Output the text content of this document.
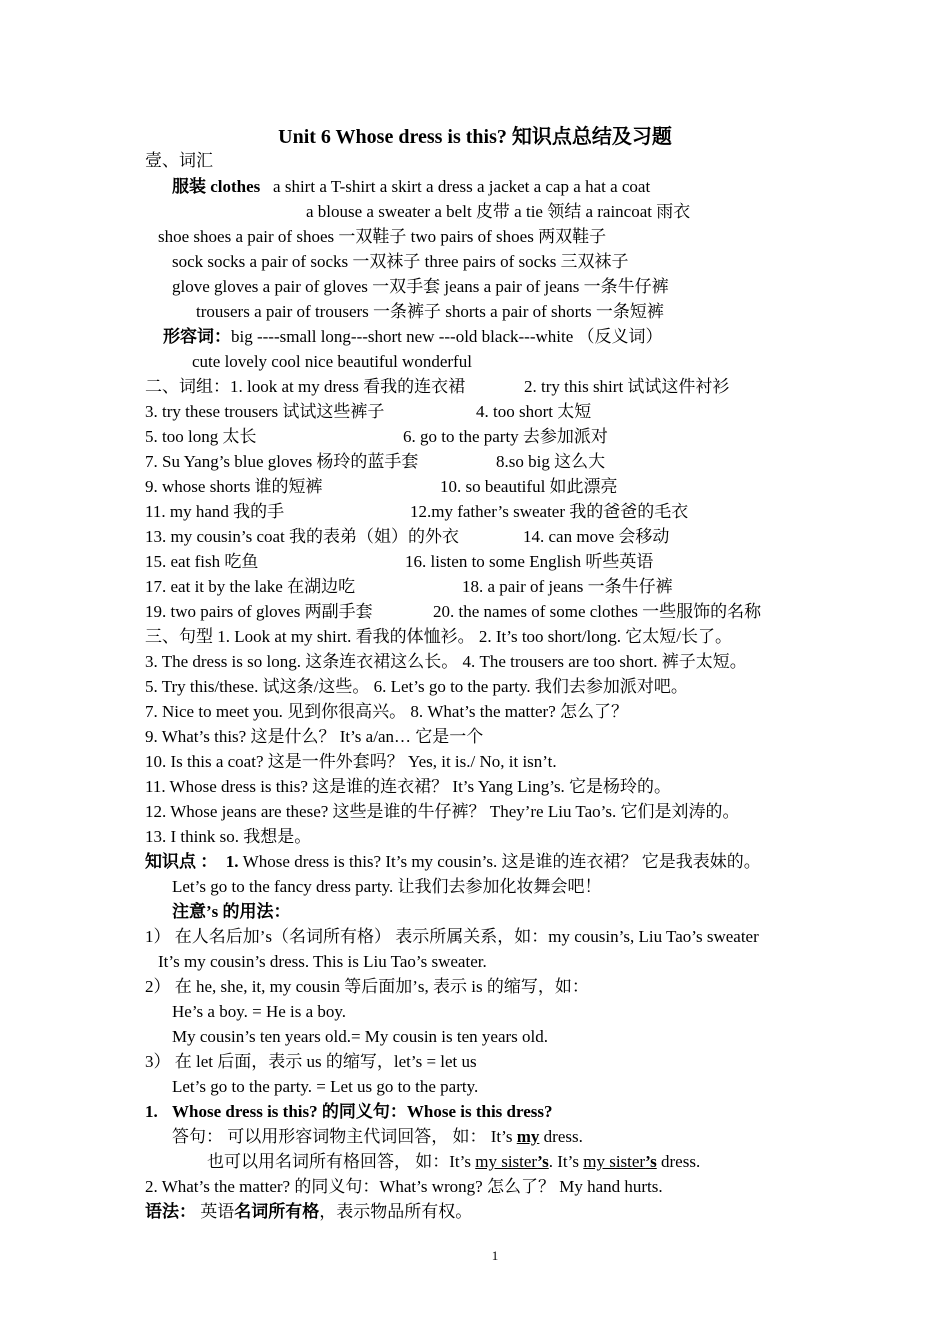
Unit 6 Whose dress is this? 知识点总结及习题
壹、词汇
服装 clothes a shirt a T-shirt a skirt a dress a jacket a cap a hat a coat
a blouse a sweater a belt 皮带 a tie 领结 a raincoat 雨衣
shoe shoes a pair of shoes 一双鞋子 two pairs of shoes 两双鞋子
sock socks a pair of socks 一双袜子 three pairs of socks 三双袜子
glove gloves a pair of gloves 一双手套 jeans a pair of jeans 一条牛仔裤
trousers a pair of trousers 一条裤子 shorts a pair of shorts 一条短裤
形容词：big ----small long---short new ---old black---white （反义词）
cute lovely cool nice beautiful wonderful
二、词组：1. look at my dress 看我的连衣裙	2. try this shirt 试试这件衬衫
3. try these trousers 试试这些裤子	4. too short 太短
5. too long 太长	6. go to the party 去参加派对
7. Su Yang’s blue gloves 杨玲的蓝手套	8.so big 这么大
9. whose shorts 谁的短裤	10. so beautiful 如此漂亮
11. my hand 我的手	12.my father’s sweater 我的爸爸的毛衣
13. my cousin’s coat 我的表弟（姐）的外衣	14. can move 会移动
15. eat fish 吃鱼	16. listen to some English 听些英语
17. eat it by the lake 在湖边吃	18. a pair of jeans 一条牛仔裤
19. two pairs of gloves 两副手套	20. the names of some clothes 一些服饰的名称
三、句型 1. Look at my shirt. 看我的体恤衫。 2. It’s too short/long. 它太短/长了。
3. The dress is so long. 这条连衣裙这么长。 4. The trousers are too short. 裤子太短。
5. Try this/these. 试这条/这些。 6. Let’s go to the party. 我们去参加派对吧。
7. Nice to meet you. 见到你很高兴。 8. What’s the matter? 怎么了？
9. What’s this? 这是什么？ It’s a/an… 它是一个
10. Is this a coat? 这是一件外套吗？ Yes, it is./ No, it isn’t.
11. Whose dress is this? 这是谁的连衣裙？ It’s Yang Ling’s. 它是杨玲的。
12. Whose jeans are these? 这些是谁的牛仔裤？ They’re Liu Tao’s. 它们是刘涛的。
13. I think so. 我想是。
知识点 ： 1. Whose dress is this? It’s my cousin’s. 这是谁的连衣裙？ 它是我表妹的。
Let’s go to the fancy dress party. 让我们去参加化妆舞会吧！
注意’s 的用法：
1） 在人名后加’s（名词所有格） 表示所属关系，如：my cousin’s, Liu Tao’s sweater
It’s my cousin’s dress. This is Liu Tao’s sweater.
2） 在 he, she, it, my cousin 等后面加’s, 表示 is 的缩写，如：
He’s a boy. = He is a boy.
My cousin’s ten years old.= My cousin is ten years old.
3） 在 let 后面，表示 us 的缩写，let’s = let us
Let’s go to the party. = Let us go to the party.
1. Whose dress is this? 的同义句：Whose is this dress?
答句： 可以用形容词物主代词回答， 如： It’s my dress.
也可以用名词所有格回答， 如：It’s my sister’s. It’s my sister’s dress.
2. What’s the matter? 的同义句：What’s wrong? 怎么了？ My hand hurts.
语法： 英语名词所有格，表示物品所有权。
1
